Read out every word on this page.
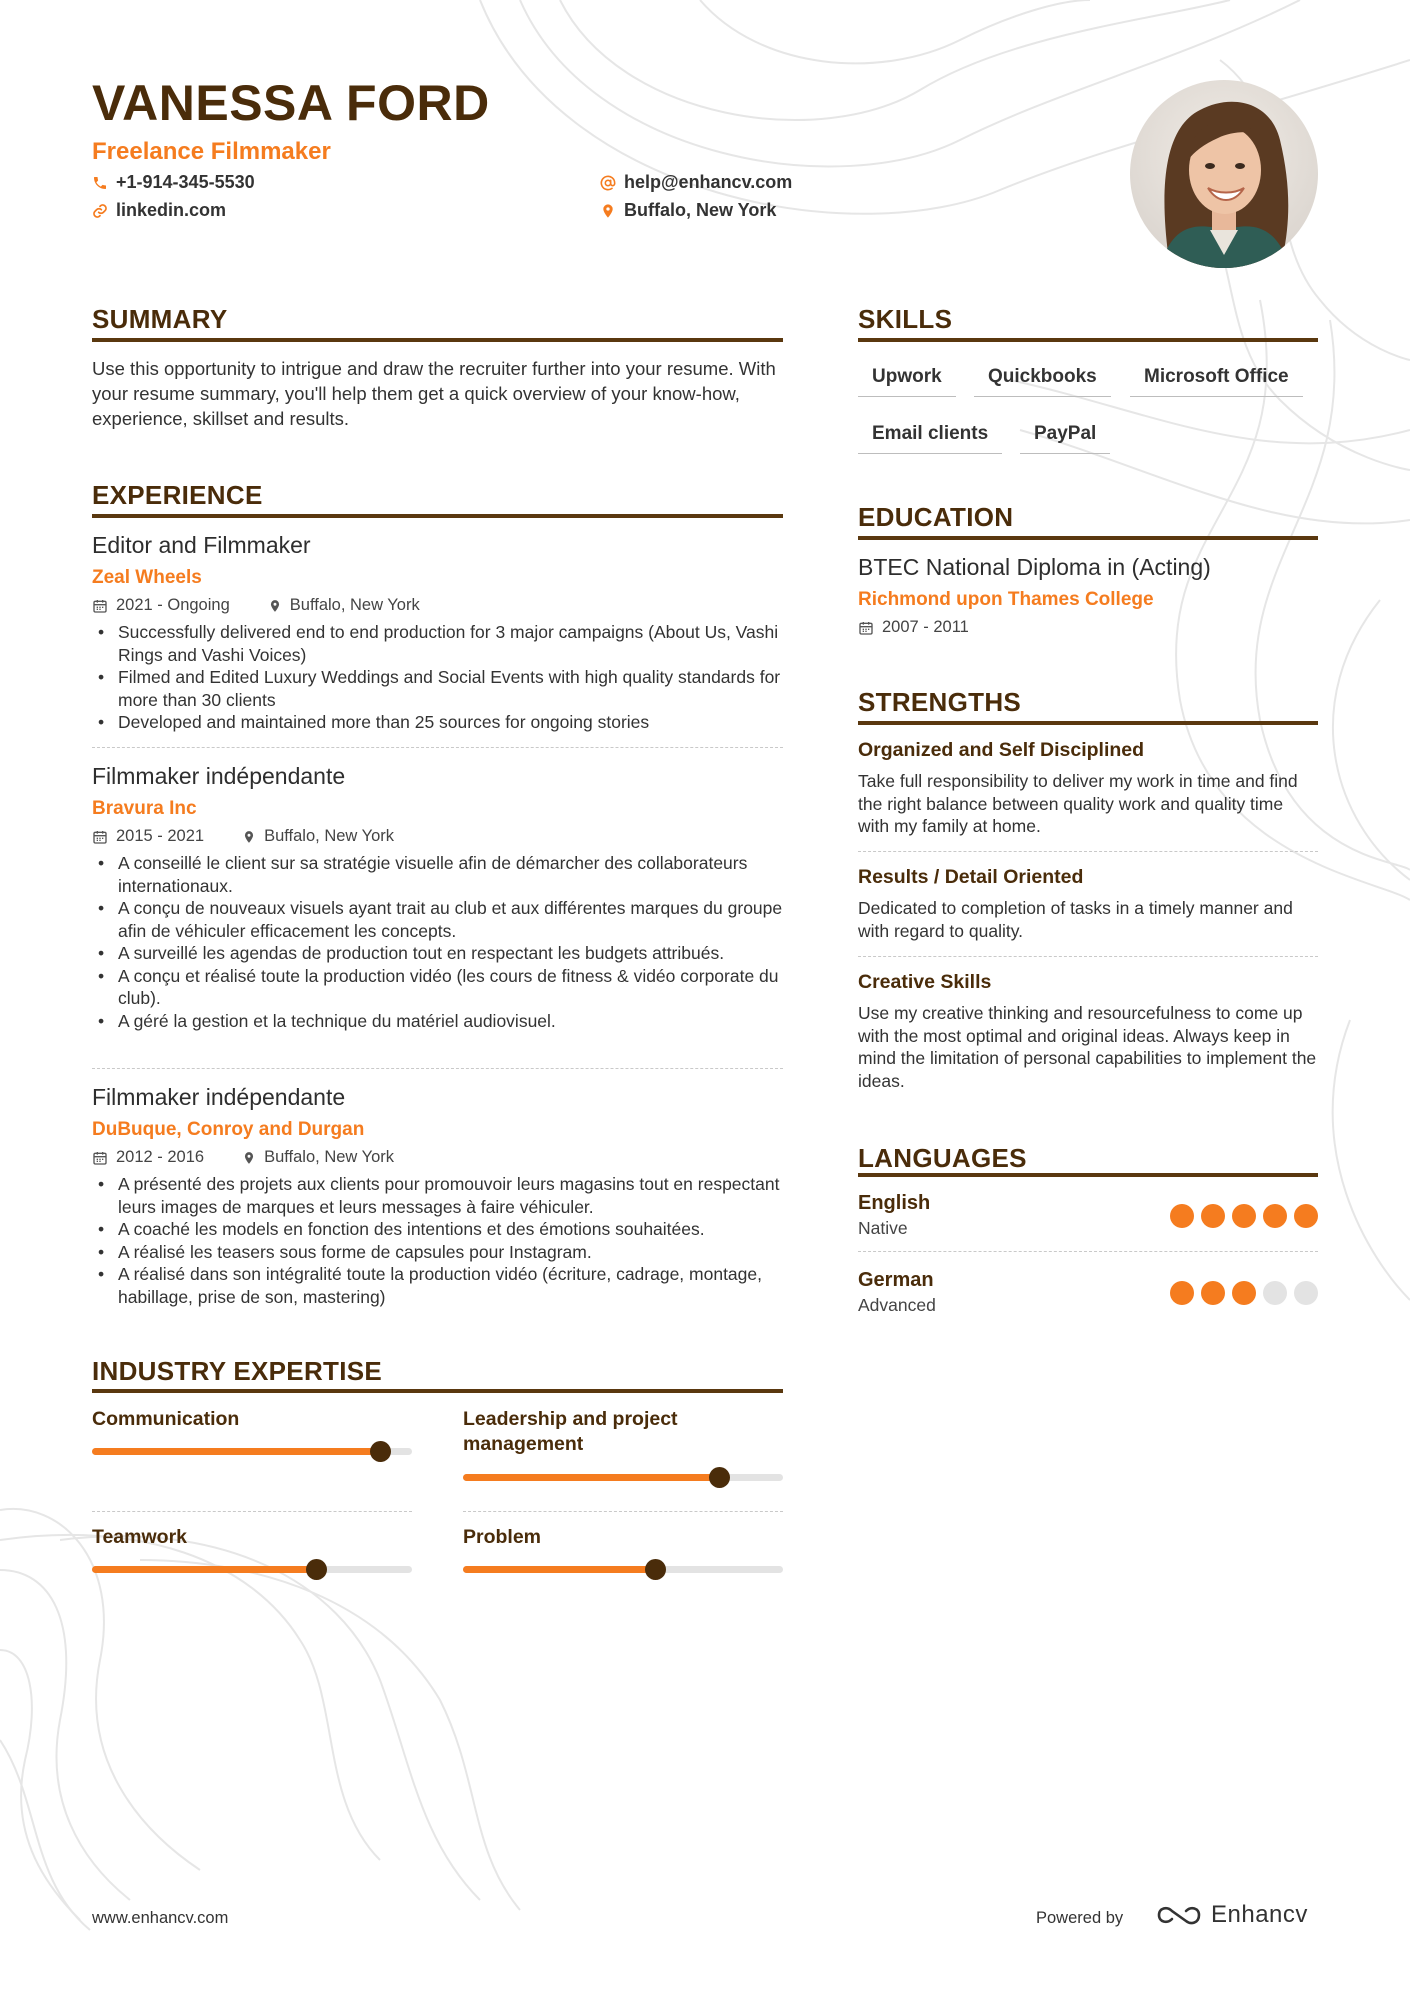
VANESSA FORD
Freelance Filmmaker
+1-914-345-5530
linkedin.com
help@enhancv.com
Buffalo, New York
SUMMARY
Use this opportunity to intrigue and draw the recruiter further into your resume. With your resume summary, you'll help them get a quick overview of your know-how, experience, skillset and results.
EXPERIENCE
Editor and Filmmaker
Zeal Wheels
2021 - Ongoing	Buffalo, New York
• Successfully delivered end to end production for 3 major campaigns (About Us, Vashi Rings and Vashi Voices)
• Filmed and Edited Luxury Weddings and Social Events with high quality standards for more than 30 clients
• Developed and maintained more than 25 sources for ongoing stories
Filmmaker indépendante
Bravura Inc
2015 - 2021	Buffalo, New York
• A conseillé le client sur sa stratégie visuelle afin de démarcher des collaborateurs internationaux.
• A conçu de nouveaux visuels ayant trait au club et aux différentes marques du groupe afin de véhiculer efficacement les concepts.
• A surveillé les agendas de production tout en respectant les budgets attribués.
• A conçu et réalisé toute la production vidéo (les cours de fitness & vidéo corporate du club).
• A géré la gestion et la technique du matériel audiovisuel.
Filmmaker indépendante
DuBuque, Conroy and Durgan
2012 - 2016	Buffalo, New York
• A présenté des projets aux clients pour promouvoir leurs magasins tout en respectant leurs images de marques et leurs messages à faire véhiculer.
• A coaché les models en fonction des intentions et des émotions souhaitées.
• A réalisé les teasers sous forme de capsules pour Instagram.
• A réalisé dans son intégralité toute la production vidéo (écriture, cadrage, montage, habillage, prise de son, mastering)
INDUSTRY EXPERTISE
Communication	Leadership and project management
Teamwork	Problem
SKILLS
Upwork	Quickbooks	Microsoft Office
Email clients	PayPal
EDUCATION
BTEC National Diploma in (Acting)
Richmond upon Thames College
2007 - 2011
STRENGTHS
Organized and Self Disciplined
Take full responsibility to deliver my work in time and find the right balance between quality work and quality time with my family at home.
Results / Detail Oriented
Dedicated to completion of tasks in a timely manner and with regard to quality.
Creative Skills
Use my creative thinking and resourcefulness to come up with the most optimal and original ideas. Always keep in mind the limitation of personal capabilities to implement the ideas.
LANGUAGES
English
Native
German
Advanced
www.enhancv.com	Powered by	Enhancv
